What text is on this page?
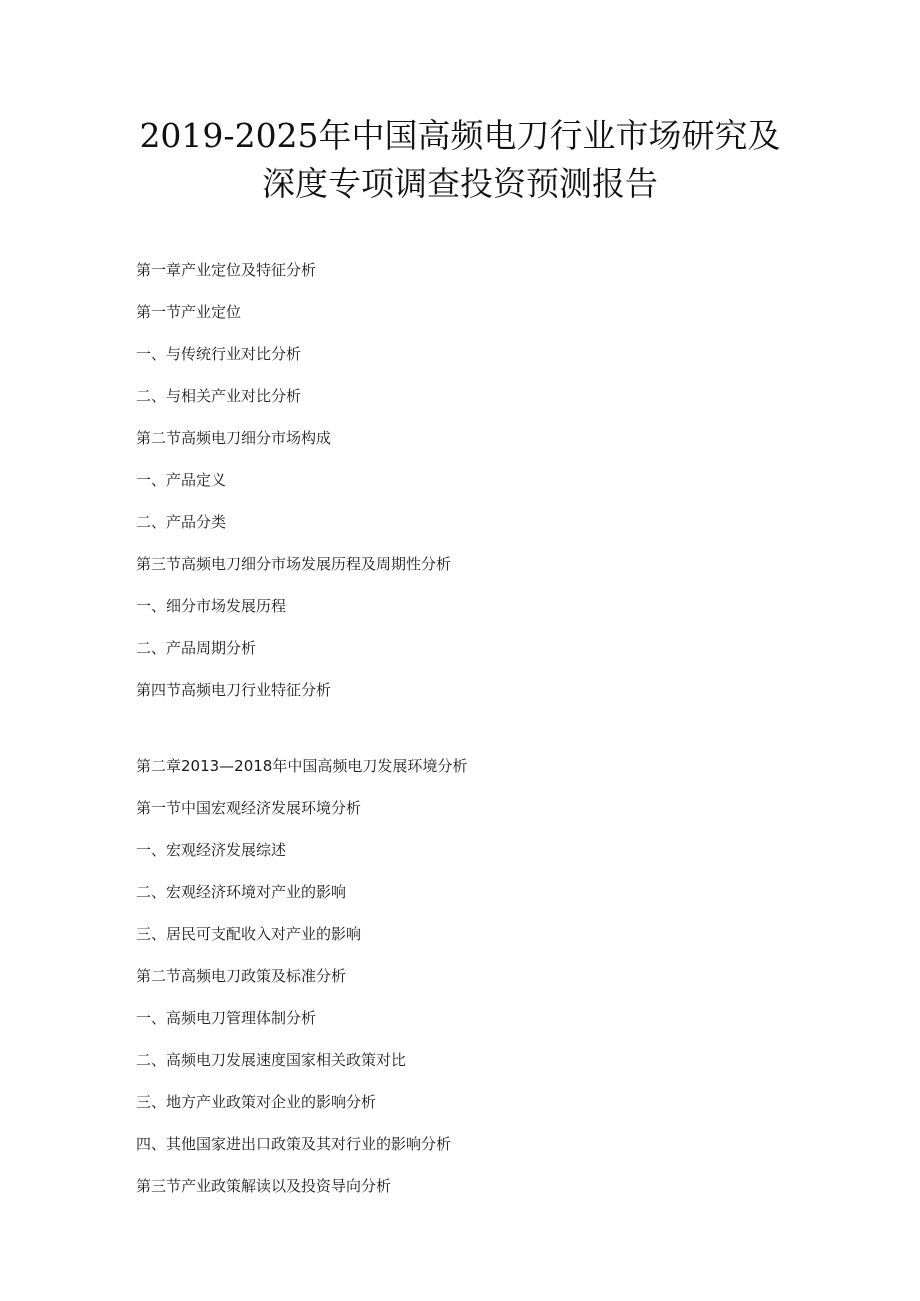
2019-2025年中国高频电刀行业市场研究及
深度专项调查投资预测报告
第一章产业定位及特征分析
第一节产业定位
一、与传统行业对比分析
二、与相关产业对比分析
第二节高频电刀细分市场构成
一、产品定义
二、产品分类
第三节高频电刀细分市场发展历程及周期性分析
一、细分市场发展历程
二、产品周期分析
第四节高频电刀行业特征分析
第二章2013—2018年中国高频电刀发展环境分析
第一节中国宏观经济发展环境分析
一、宏观经济发展综述
二、宏观经济环境对产业的影响
三、居民可支配收入对产业的影响
第二节高频电刀政策及标准分析
一、高频电刀管理体制分析
二、高频电刀发展速度国家相关政策对比
三、地方产业政策对企业的影响分析
四、其他国家进出口政策及其对行业的影响分析
第三节产业政策解读以及投资导向分析
